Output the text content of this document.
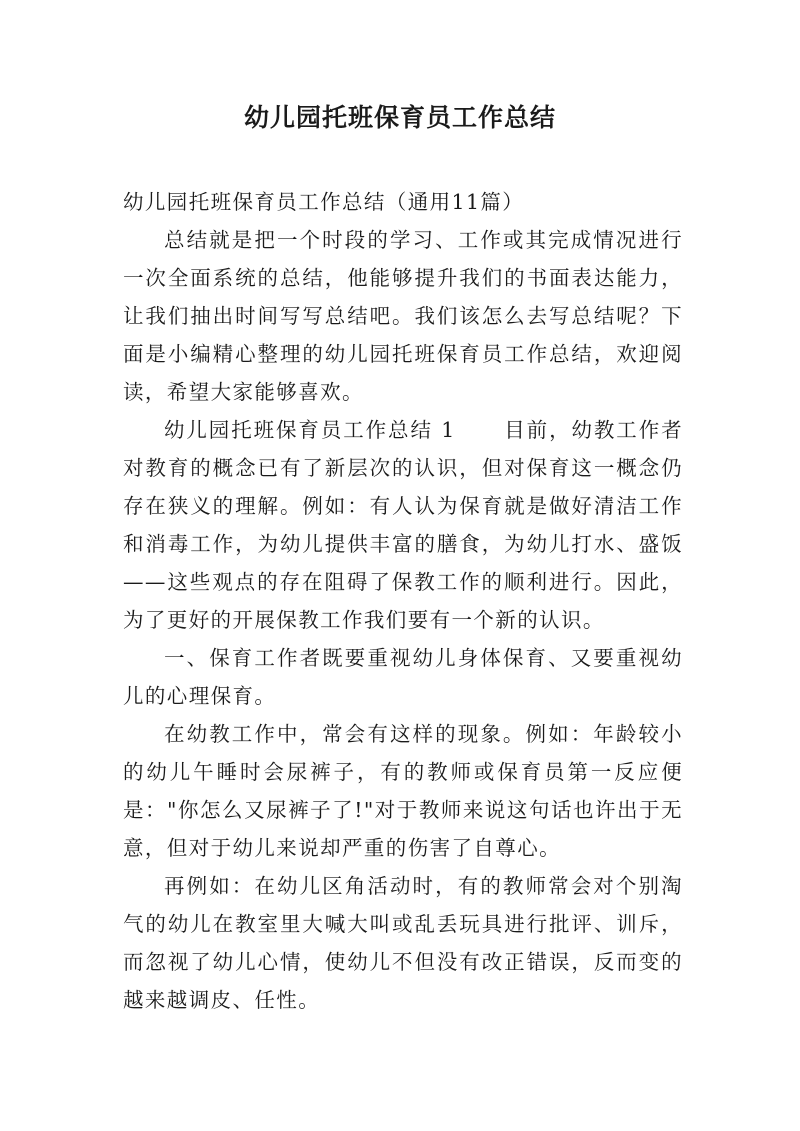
幼儿园托班保育员工作总结

幼儿园托班保育员工作总结（通用11篇）

总结就是把一个时段的学习、工作或其完成情况进行一次全面系统的总结，他能够提升我们的书面表达能力，让我们抽出时间写写总结吧。我们该怎么去写总结呢？下面是小编精心整理的幼儿园托班保育员工作总结，欢迎阅读，希望大家能够喜欢。

幼儿园托班保育员工作总结 1 目前，幼教工作者对教育的概念已有了新层次的认识，但对保育这一概念仍存在狭义的理解。例如：有人认为保育就是做好清洁工作和消毒工作，为幼儿提供丰富的膳食，为幼儿打水、盛饭——这些观点的存在阻碍了保教工作的顺利进行。因此，为了更好的开展保教工作我们要有一个新的认识。

一、保育工作者既要重视幼儿身体保育、又要重视幼儿的心理保育。

在幼教工作中，常会有这样的现象。例如：年龄较小的幼儿午睡时会尿裤子，有的教师或保育员第一反应便是："你怎么又尿裤子了!"对于教师来说这句话也许出于无意，但对于幼儿来说却严重的伤害了自尊心。

再例如：在幼儿区角活动时，有的教师常会对个别淘气的幼儿在教室里大喊大叫或乱丢玩具进行批评、训斥，而忽视了幼儿心情，使幼儿不但没有改正错误，反而变的越来越调皮、任性。
